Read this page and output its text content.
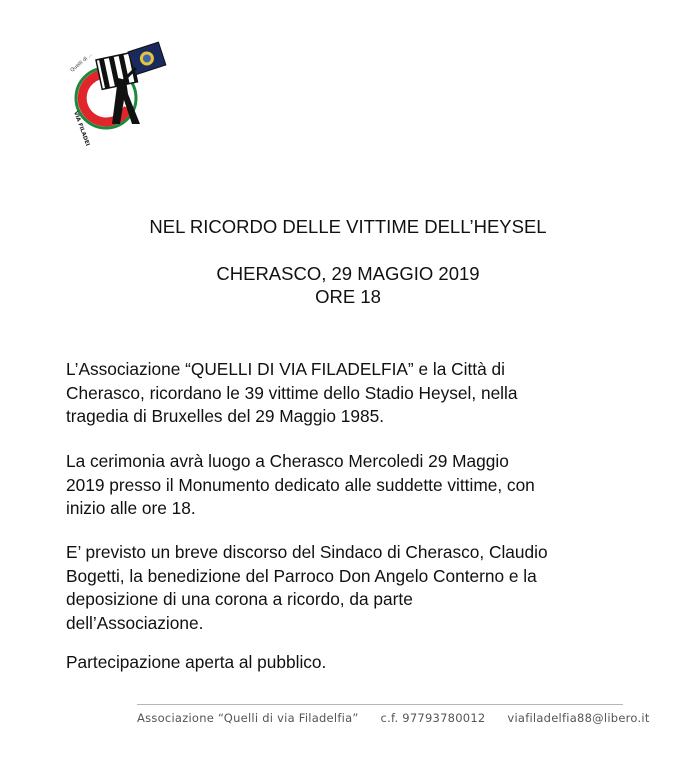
Quelli di ...
VIA FILADELFIA
NEL RICORDO DELLE VITTIME DELL’HEYSEL
CHERASCO, 29 MAGGIO 2019
ORE 18
L’Associazione “QUELLI DI VIA FILADELFIA” e la Città di
Cherasco, ricordano le 39 vittime dello Stadio Heysel, nella
tragedia di Bruxelles del 29 Maggio 1985.
La cerimonia avrà luogo a Cherasco Mercoledi 29 Maggio
2019 presso il Monumento dedicato alle suddette vittime, con
inizio alle ore 18.
E’ previsto un breve discorso del Sindaco di Cherasco, Claudio
Bogetti, la benedizione del Parroco Don Angelo Conterno e la
deposizione di una corona a ricordo, da parte
dell’Associazione.
Partecipazione aperta al pubblico.
Associazione “Quelli di via Filadelfia” c.f. 97793780012 viafiladelfia88@libero.it
